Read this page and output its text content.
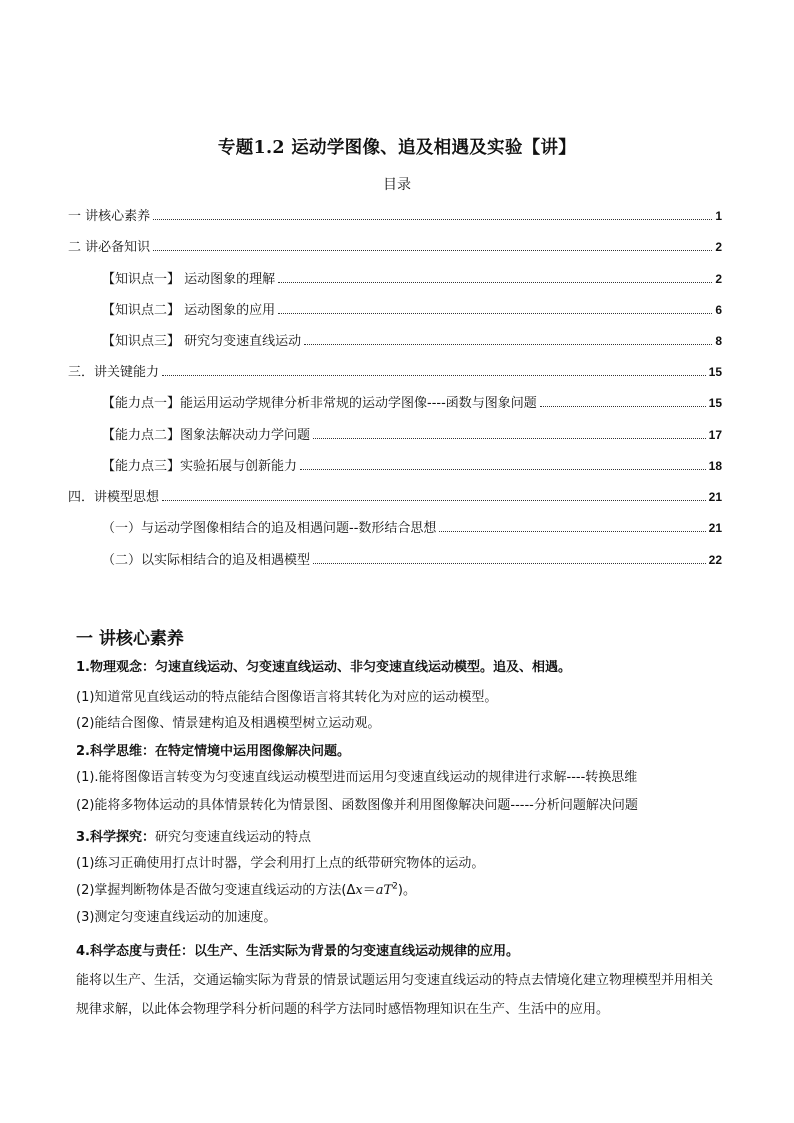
专题1.2 运动学图像、追及相遇及实验【讲】
目录
一 讲核心素养	1
二 讲必备知识	2
【知识点一】 运动图象的理解	2
【知识点二】 运动图象的应用	6
【知识点三】 研究匀变速直线运动	8
三．讲关键能力	15
【能力点一】能运用运动学规律分析非常规的运动学图像----函数与图象问题	15
【能力点二】图象法解决动力学问题	17
【能力点三】实验拓展与创新能力	18
四．讲模型思想	21
（一）与运动学图像相结合的追及相遇问题--数形结合思想	21
（二）以实际相结合的追及相遇模型	22
一 讲核心素养
1.物理观念：匀速直线运动、匀变速直线运动、非匀变速直线运动模型。追及、相遇。
(1)知道常见直线运动的特点能结合图像语言将其转化为对应的运动模型。
(2)能结合图像、情景建构追及相遇模型树立运动观。
2.科学思维：在特定情境中运用图像解决问题。
(1).能将图像语言转变为匀变速直线运动模型进而运用匀变速直线运动的规律进行求解----转换思维
(2)能将多物体运动的具体情景转化为情景图、函数图像并利用图像解决问题-----分析问题解决问题
3.科学探究：研究匀变速直线运动的特点
(1)练习正确使用打点计时器，学会利用打上点的纸带研究物体的运动。
(2)掌握判断物体是否做匀变速直线运动的方法$(\Delta x=aT^2)$。
(3)测定匀变速直线运动的加速度。
4.科学态度与责任：以生产、生活实际为背景的匀变速直线运动规律的应用。
能将以生产、生活，交通运输实际为背景的情景试题运用匀变速直线运动的特点去情境化建立物理模型并用相关规律求解，以此体会物理学科分析问题的科学方法同时感悟物理知识在生产、生活中的应用。
